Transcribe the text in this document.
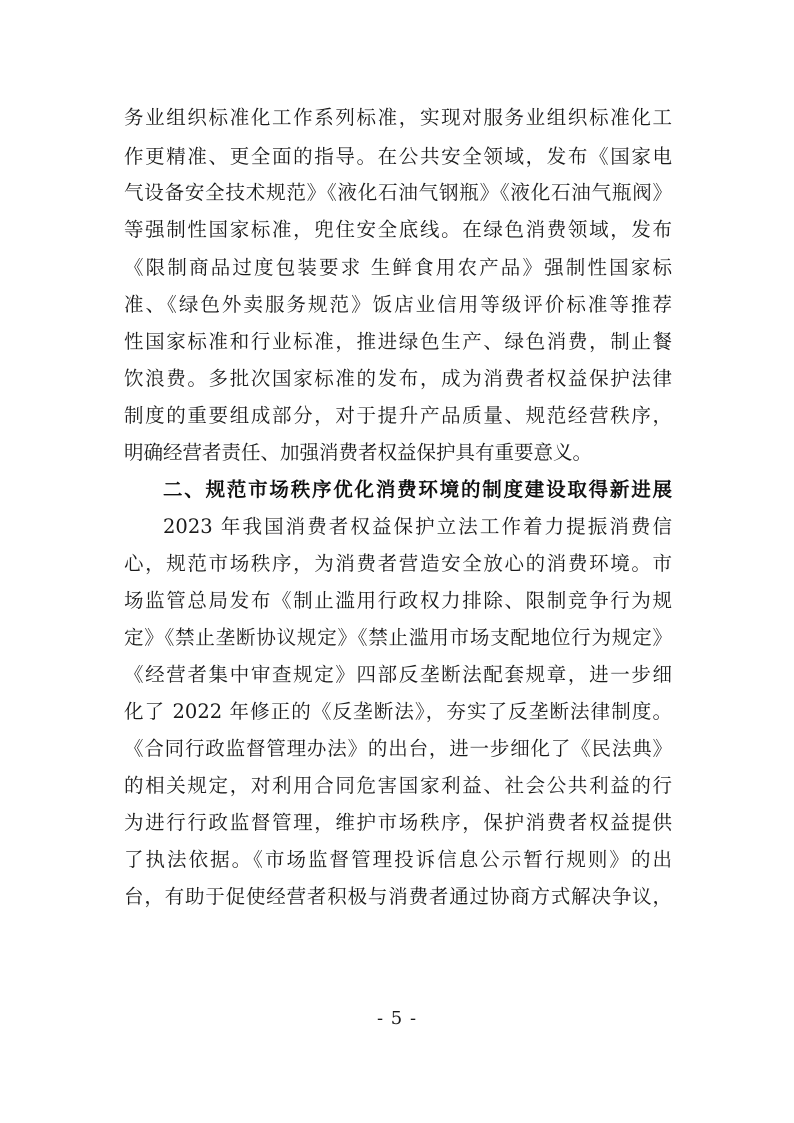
务业组织标准化工作系列标准，实现对服务业组织标准化工

作更精准、更全面的指导。在公共安全领域，发布《国家电

气设备安全技术规范》《液化石油气钢瓶》《液化石油气瓶阀》

等强制性国家标准，兜住安全底线。在绿色消费领域，发布

《限制商品过度包装要求 生鲜食用农产品》强制性国家标

准、《绿色外卖服务规范》饭店业信用等级评价标准等推荐

性国家标准和行业标准，推进绿色生产、绿色消费，制止餐

饮浪费。多批次国家标准的发布，成为消费者权益保护法律

制度的重要组成部分，对于提升产品质量、规范经营秩序，

明确经营者责任、加强消费者权益保护具有重要意义。

二、规范市场秩序优化消费环境的制度建设取得新进展

2023 年我国消费者权益保护立法工作着力提振消费信

心，规范市场秩序，为消费者营造安全放心的消费环境。市

场监管总局发布《制止滥用行政权力排除、限制竞争行为规

定》《禁止垄断协议规定》《禁止滥用市场支配地位行为规定》

《经营者集中审查规定》四部反垄断法配套规章，进一步细

化了 2022 年修正的《反垄断法》，夯实了反垄断法律制度。

《合同行政监督管理办法》的出台，进一步细化了《民法典》

的相关规定，对利用合同危害国家利益、社会公共利益的行

为进行行政监督管理，维护市场秩序，保护消费者权益提供

了执法依据。《市场监督管理投诉信息公示暂行规则》的出

台，有助于促使经营者积极与消费者通过协商方式解决争议，

- 5 -
